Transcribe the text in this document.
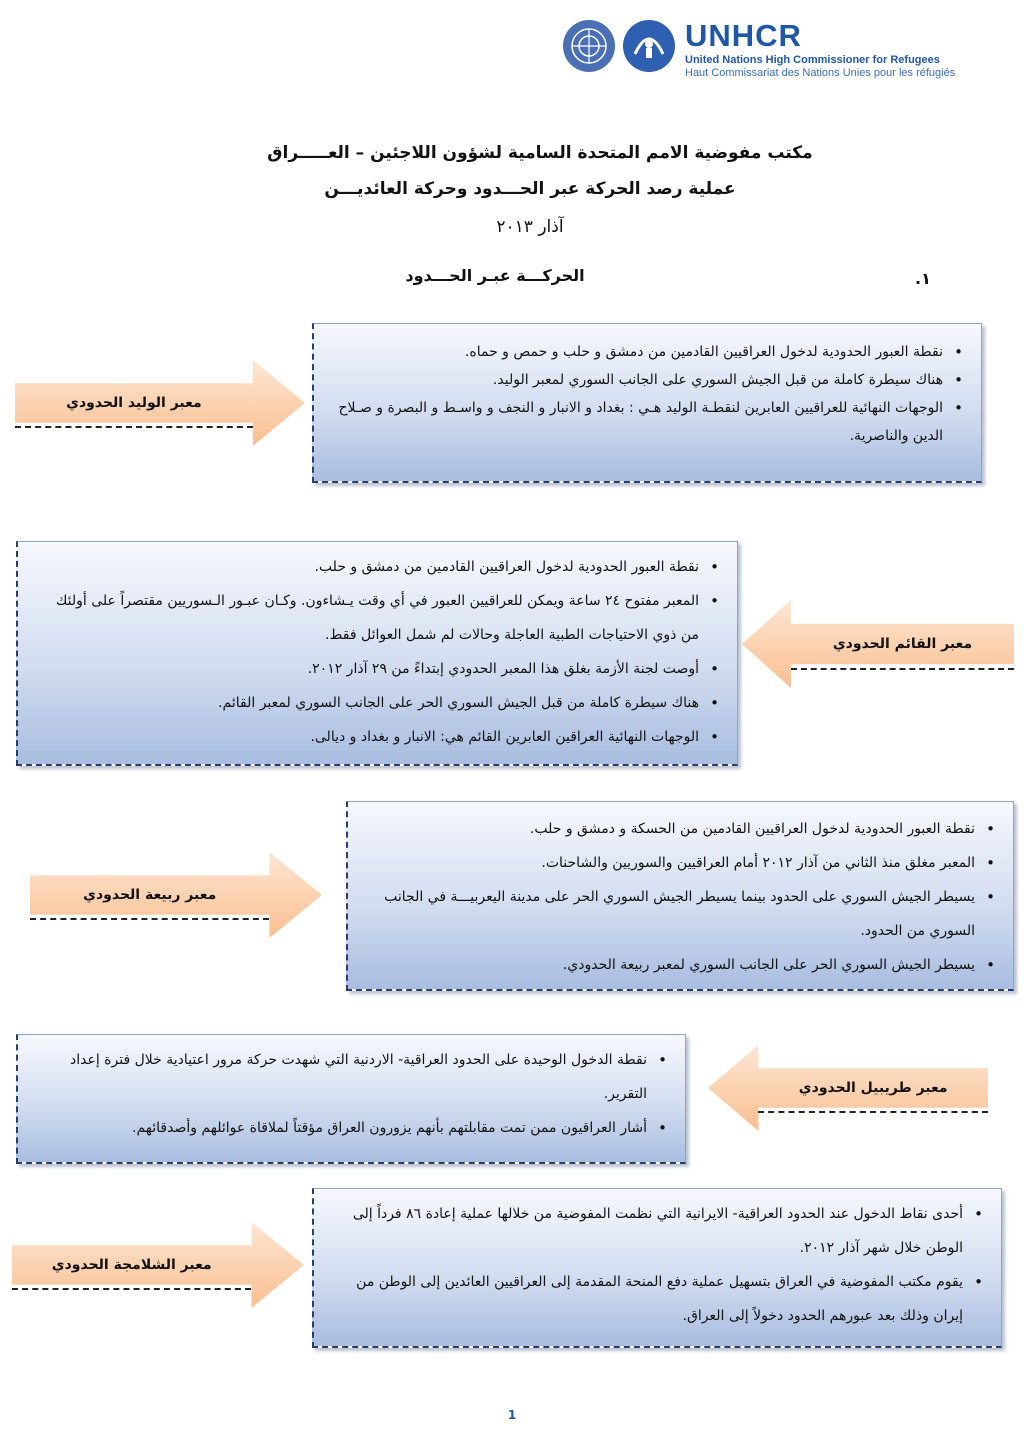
UNHCR
United Nations High Commissioner for Refugees
Haut Commissariat des Nations Unies pour les réfugiés
مكتب مفوضية الامم المتحدة السامية لشؤون اللاجئين – العـــــراق
عملية رصد الحركة عبر الحـــدود وحركة العائديـــن
آذار ٢٠١٣
١.
الحركـــة عبـر الحـــدود
معبر الوليد الحدودي
• نقطة العبور الحدودية لدخول العراقيين القادمين من دمشق و حلب و حمص و حماه.
• هناك سيطرة كاملة من قبل الجيش السوري على الجانب السوري لمعبر الوليد.
• الوجهات النهائية للعراقيين العابرين لنقطـة الوليد هـي : بغداد و الانبار و النجف و واسـط و البصرة و صـلاح الدين والناصرية.
معبر القائم الحدودي
• نقطة العبور الحدودية لدخول العراقيين القادمين من دمشق و حلب.
• المعبر مفتوح ٢٤ ساعة ويمكن للعراقيين العبور في أي وقت يـشاءون. وكـان عبـور الـسوريين مقتصراً على أولئك من ذوي الاحتياجات الطبية العاجلة وحالات لم شمل العوائل فقط.
• أوصت لجنة الأزمة بغلق هذا المعبر الحدودي إبتداءً من ٢٩ آذار ٢٠١٢.
• هناك سيطرة كاملة من قبل الجيش السوري الحر على الجانب السوري لمعبر القائم.
• الوجهات النهائية العراقين العابرين القائم هي: الانبار و بغداد و ديالى.
معبر ربيعة الحدودي
• نقطة العبور الحدودية لدخول العراقيين القادمين من الحسكة و دمشق و حلب.
• المعبر مغلق منذ الثاني من آذار ٢٠١٢ أمام العراقيين والسوريين والشاحنات.
• يسيطر الجيش السوري على الحدود بينما يسيطر الجيش السوري الحر على مدينة اليعربيـــة في الجانب السوري من الحدود.
• يسيطر الجيش السوري الحر على الجانب السوري لمعبر ربيعة الحدودي.
معبر طريبيل الحدودي
• نقطة الدخول الوحيدة على الحدود العراقية- الاردنية التي شهدت حركة مرور اعتيادية خلال فترة إعداد التقرير.
• أشار العراقيون ممن تمت مقابلتهم بأنهم يزورون العراق مؤقتاً لملاقاة عوائلهم وأصدقائهم.
معبر الشلامجة الحدودي
• أحدى نقاط الدخول عند الحدود العراقية- الايرانية التي نظمت المفوضية من خلالها عملية إعادة ٨٦ فرداً إلى الوطن خلال شهر آذار ٢٠١٢.
• يقوم مكتب المفوضية في العراق بتسهيل عملية دفع المنحة المقدمة إلى العراقيين العائدين إلى الوطن من إيران وذلك بعد عبورهم الحدود دخولاً إلى العراق.
1
